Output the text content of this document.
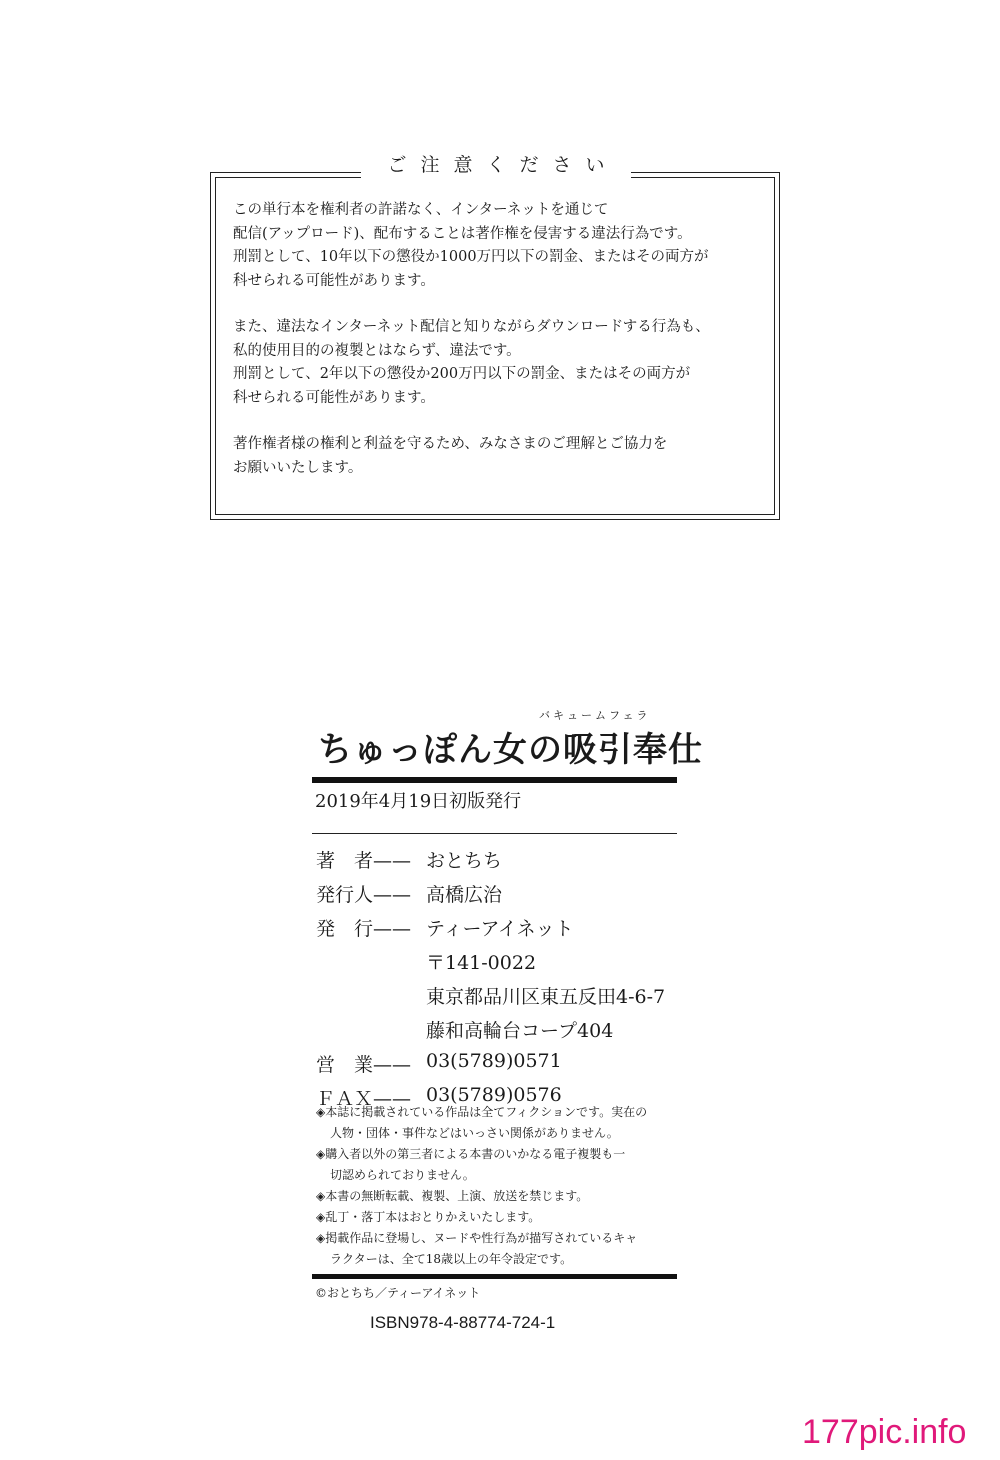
ご注意ください

この単行本を権利者の許諾なく、インターネットを通じて
配信(アップロード)、配布することは著作権を侵害する違法行為です。
刑罰として、10年以下の懲役か1000万円以下の罰金、またはその両方が
科せられる可能性があります。

また、違法なインターネット配信と知りながらダウンロードする行為も、
私的使用目的の複製とはならず、違法です。
刑罰として、2年以下の懲役か200万円以下の罰金、またはその両方が
科せられる可能性があります。

著作権者様の権利と利益を守るため、みなさまのご理解とご協力を
お願いいたします。

バキュームフェラ
ちゅっぽん女の吸引奉仕
2019年4月19日初版発行
著　者—— おとちち
発行人—— 高橋広治
発　行—— ティーアイネット
〒141-0022
東京都品川区東五反田4-6-7
藤和高輪台コープ404
営　業—— 03(5789)0571
ＦＡＸ—— 03(5789)0576
◈本誌に掲載されている作品は全てフィクションです。実在の
人物・団体・事件などはいっさい関係がありません。
◈購入者以外の第三者による本書のいかなる電子複製も一
切認められておりません。
◈本書の無断転載、複製、上演、放送を禁じます。
◈乱丁・落丁本はおとりかえいたします。
◈掲載作品に登場し、ヌードや性行為が描写されているキャ
ラクターは、全て18歳以上の年令設定です。
©おとちち／ティーアイネット
ISBN978-4-88774-724-1
177pic.info
